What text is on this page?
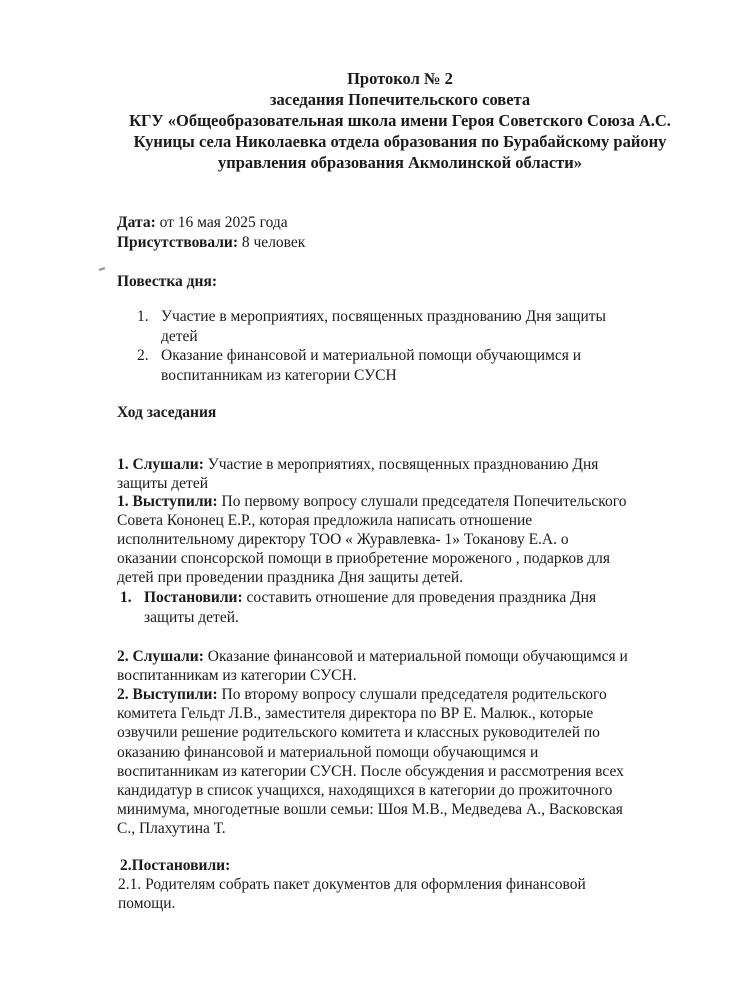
Протокол № 2
заседания Попечительского совета
КГУ «Общеобразовательная школа имени Героя Советского Союза А.С.
Куницы села Николаевка отдела образования по Бурабайскому району
управления образования Акмолинской области»
Дата: от 16 мая 2025 года
Присутствовали: 8 человек
Повестка дня:
1. Участие в мероприятиях, посвященных празднованию Дня защиты
детей
2. Оказание финансовой и материальной помощи обучающимся и
воспитанникам из категории СУСН
Ход заседания
1. Слушали: Участие в мероприятиях, посвященных празднованию Дня
защиты детей
1. Выступили: По первому вопросу слушали председателя Попечительского
Совета Кононец Е.Р., которая предложила написать отношение
исполнительному директору ТОО « Журавлевка- 1» Токанову Е.А. о
оказании спонсорской помощи в приобретение мороженого , подарков для
детей при проведении праздника Дня защиты детей.
1. Постановили: составить отношение для проведения праздника Дня
защиты детей.
2. Слушали: Оказание финансовой и материальной помощи обучающимся и
воспитанникам из категории СУСН.
2. Выступили: По второму вопросу слушали председателя родительского
комитета Гельдт Л.В., заместителя директора по ВР Е. Малюк., которые
озвучили решение родительского комитета и классных руководителей по
оказанию финансовой и материальной помощи обучающимся и
воспитанникам из категории СУСН. После обсуждения и рассмотрения всех
кандидатур в список учащихся, находящихся в категории до прожиточного
минимума, многодетные вошли семьи: Шоя М.В., Медведева А., Васковская
С., Плахутина Т.
2.Постановили:
2.1. Родителям собрать пакет документов для оформления финансовой
помощи.
